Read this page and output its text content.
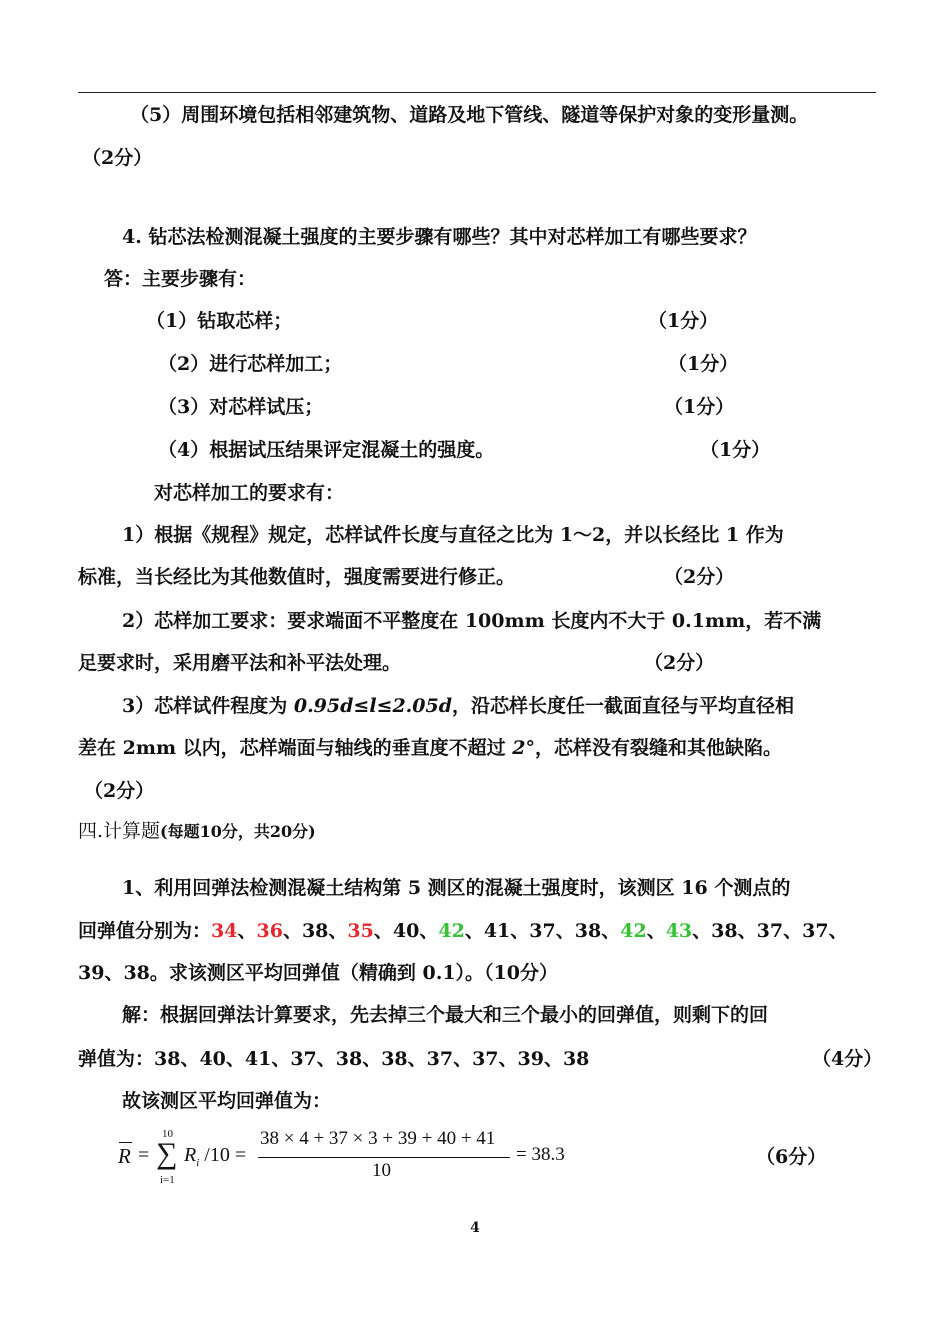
（5）周围环境包括相邻建筑物、道路及地下管线、隧道等保护对象的变形量测。
（2分）
4. 钻芯法检测混凝土强度的主要步骤有哪些？其中对芯样加工有哪些要求？
答：主要步骤有：
（1）钻取芯样；	（1分）
（2）进行芯样加工；	（1分）
（3）对芯样试压；	（1分）
（4）根据试压结果评定混凝土的强度。	（1分）
对芯样加工的要求有：
1）根据《规程》规定，芯样试件长度与直径之比为 1～2，并以长经比 1 作为
标准，当长经比为其他数值时，强度需要进行修正。	（2分）
2）芯样加工要求：要求端面不平整度在 100mm 长度内不大于 0.1mm，若不满
足要求时，采用磨平法和补平法处理。	（2分）
3）芯样试件程度为 0.95d≤l≤2.05d，沿芯样长度任一截面直径与平均直径相
差在 2mm 以内，芯样端面与轴线的垂直度不超过 2°，芯样没有裂缝和其他缺陷。
（2分）
四.计算题(每题10分，共20分)
1、利用回弹法检测混凝土结构第 5 测区的混凝土强度时，该测区 16 个测点的
回弹值分别为：34、36、38、35、40、42、41、37、38、42、43、38、37、37、
39、38。求该测区平均回弹值（精确到 0.1）。（10分）
解：根据回弹法计算要求，先去掉三个最大和三个最小的回弹值，则剩下的回
弹值为：38、40、41、37、38、38、37、37、39、38	（4分）
故该测区平均回弹值为：
R =
10
∑
i=1
$R_i$ /10 =
38 × 4 + 37 × 3 + 39 + 40 + 41
10
= 38.3	（6分）
4
